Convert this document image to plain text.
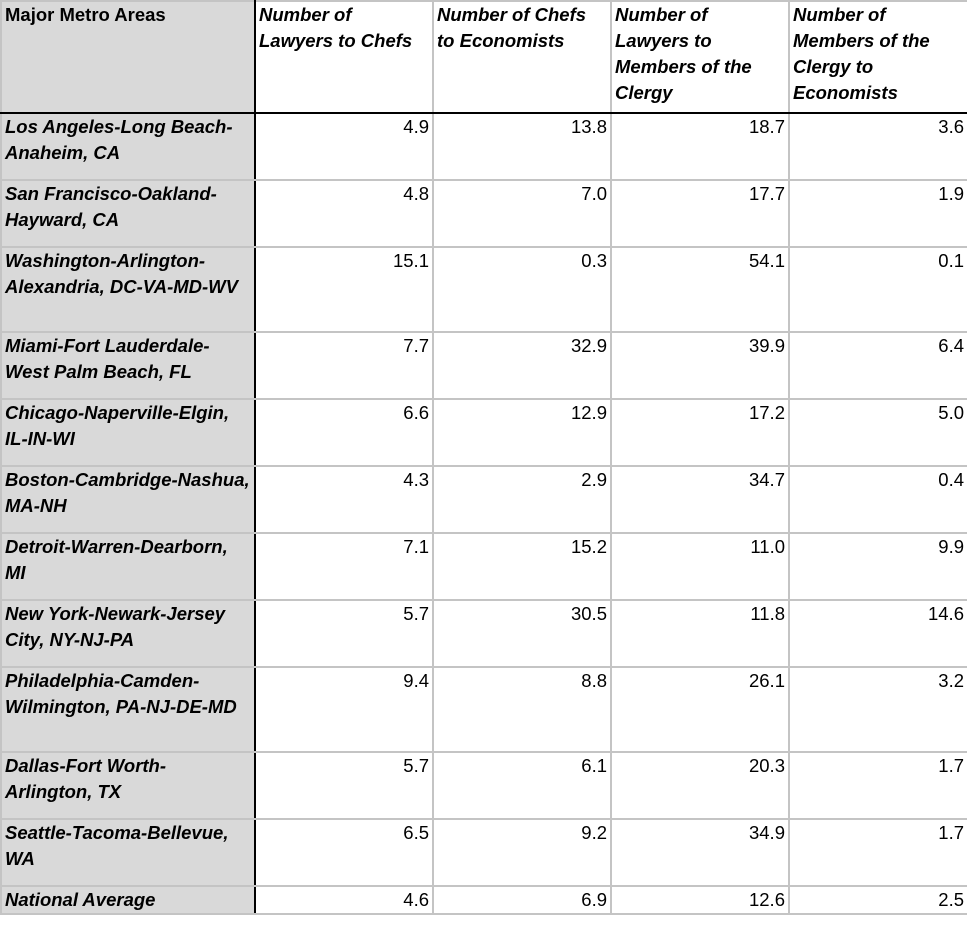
Major Metro Areas	Number of Lawyers to Chefs	Number of Chefs to Economists	Number of Lawyers to Members of the Clergy	Number of Members of the Clergy to Economists
Los Angeles-Long Beach-Anaheim, CA	4.9	13.8	18.7	3.6
San Francisco-Oakland-Hayward, CA	4.8	7.0	17.7	1.9
Washington-Arlington-Alexandria, DC-VA-MD-WV	15.1	0.3	54.1	0.1
Miami-Fort Lauderdale-West Palm Beach, FL	7.7	32.9	39.9	6.4
Chicago-Naperville-Elgin, IL-IN-WI	6.6	12.9	17.2	5.0
Boston-Cambridge-Nashua, MA-NH	4.3	2.9	34.7	0.4
Detroit-Warren-Dearborn, MI	7.1	15.2	11.0	9.9
New York-Newark-Jersey City, NY-NJ-PA	5.7	30.5	11.8	14.6
Philadelphia-Camden-Wilmington, PA-NJ-DE-MD	9.4	8.8	26.1	3.2
Dallas-Fort Worth-Arlington, TX	5.7	6.1	20.3	1.7
Seattle-Tacoma-Bellevue, WA	6.5	9.2	34.9	1.7
National Average	4.6	6.9	12.6	2.5
